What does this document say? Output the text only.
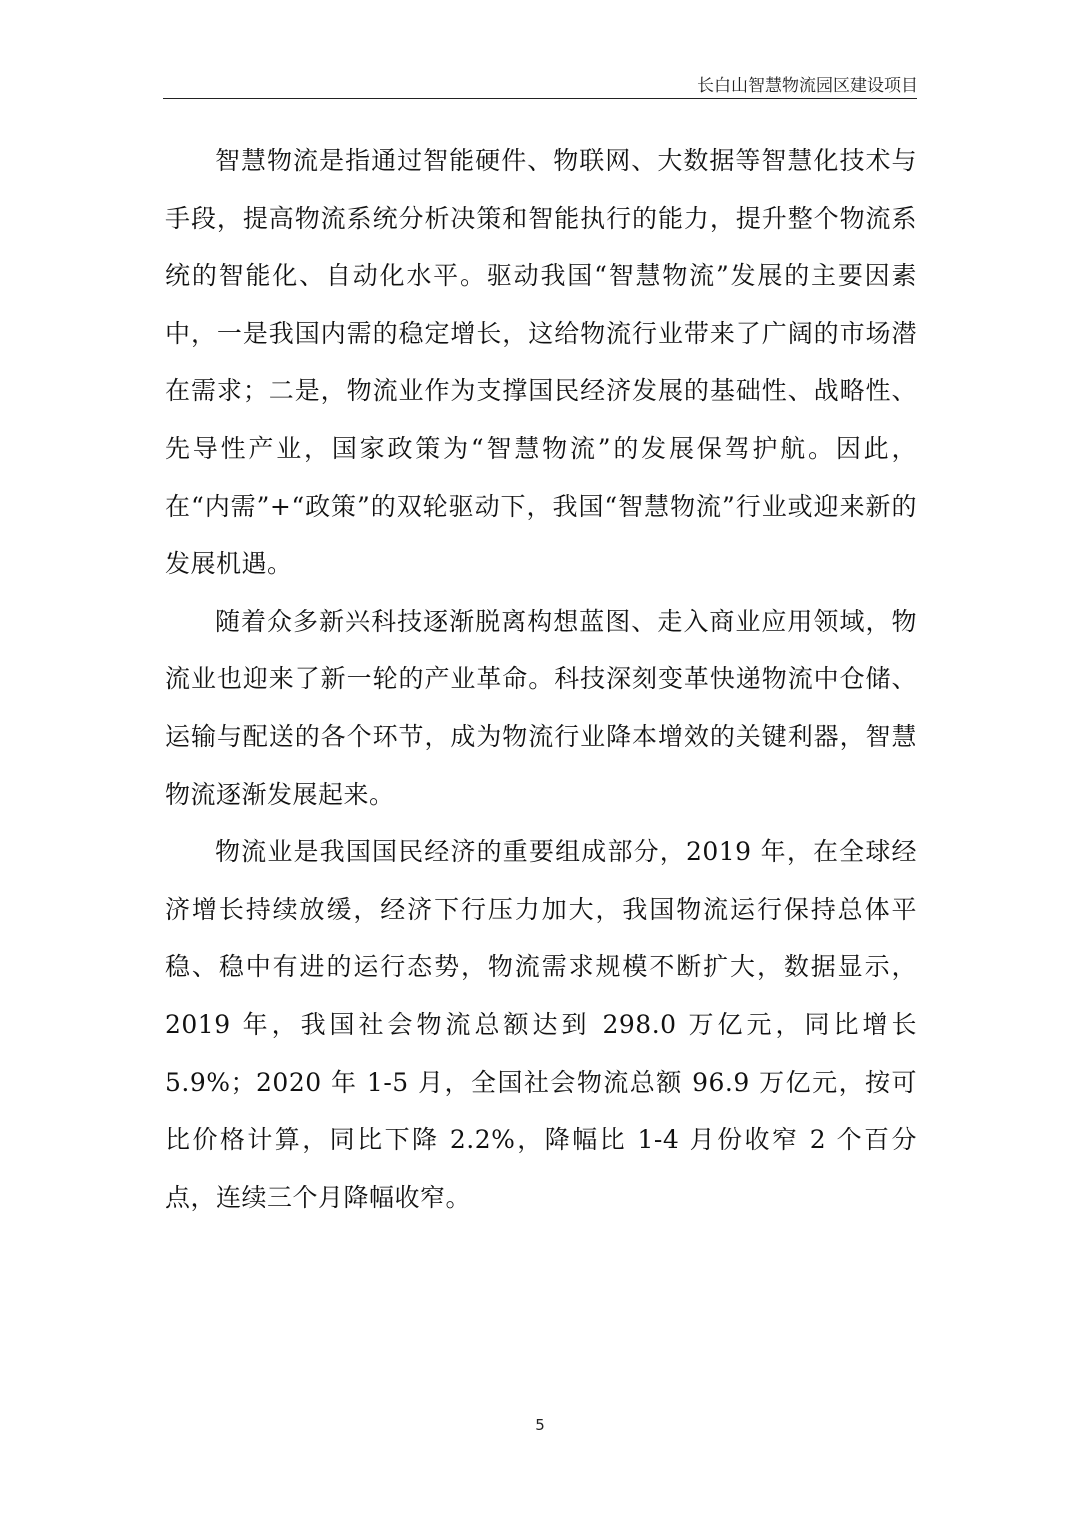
长白山智慧物流园区建设项目

智慧物流是指通过智能硬件、物联网、大数据等智慧化技术与手段，提高物流系统分析决策和智能执行的能力，提升整个物流系统的智能化、自动化水平。驱动我国“智慧物流”发展的主要因素中，一是我国内需的稳定增长，这给物流行业带来了广阔的市场潜在需求；二是，物流业作为支撑国民经济发展的基础性、战略性、先导性产业，国家政策为“智慧物流”的发展保驾护航。因此，在“内需”+“政策”的双轮驱动下，我国“智慧物流”行业或迎来新的发展机遇。

随着众多新兴科技逐渐脱离构想蓝图、走入商业应用领域，物流业也迎来了新一轮的产业革命。科技深刻变革快递物流中仓储、运输与配送的各个环节，成为物流行业降本增效的关键利器，智慧物流逐渐发展起来。

物流业是我国国民经济的重要组成部分，2019 年，在全球经济增长持续放缓，经济下行压力加大，我国物流运行保持总体平稳、稳中有进的运行态势，物流需求规模不断扩大，数据显示，2019 年，我国社会物流总额达到 298.0 万亿元，同比增长 5.9%；2020 年 1-5 月，全国社会物流总额 96.9 万亿元，按可比价格计算，同比下降 2.2%，降幅比 1-4 月份收窄 2 个百分点，连续三个月降幅收窄。

5
